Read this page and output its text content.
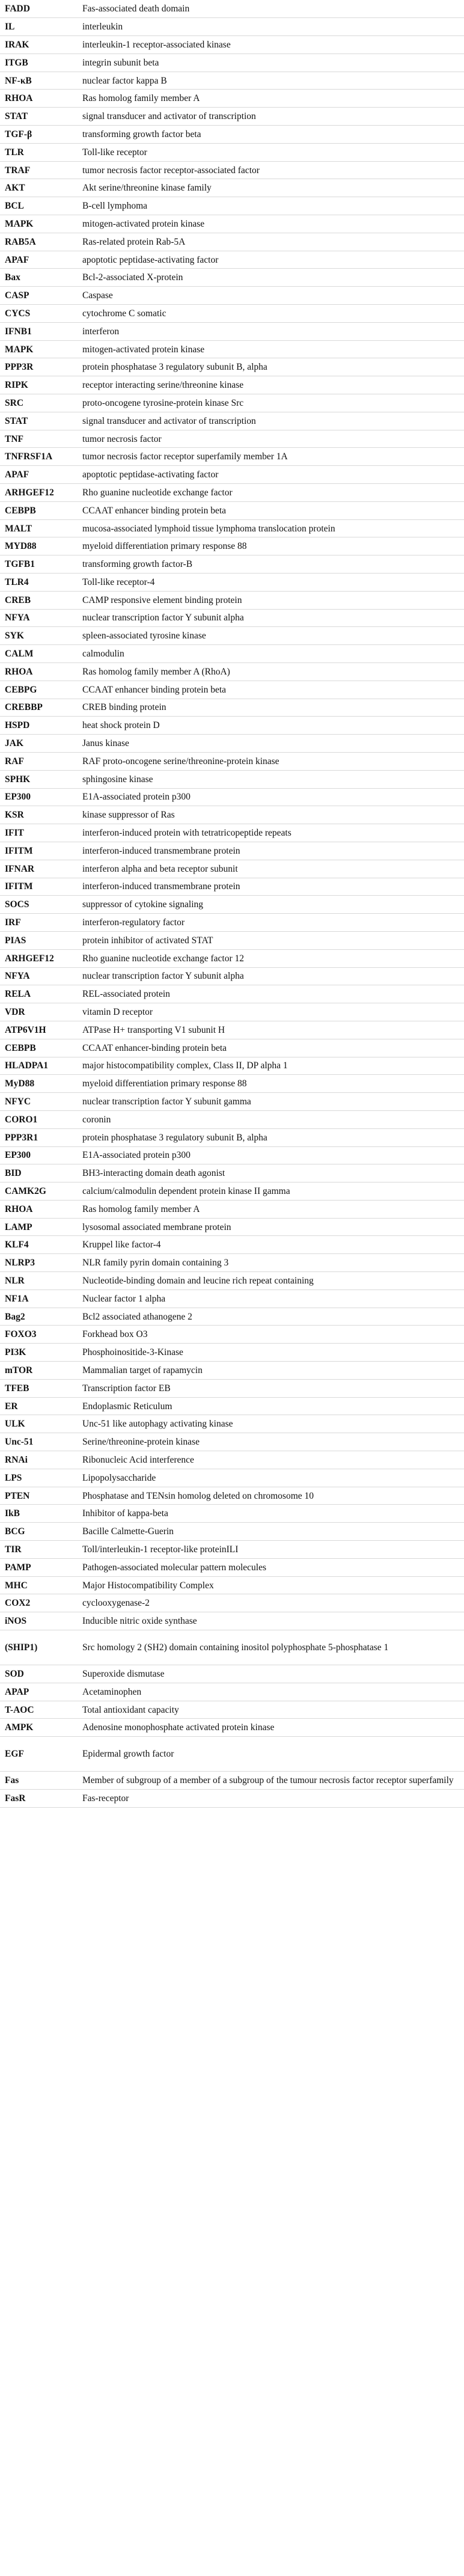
FADD	Fas-associated death domain
IL	interleukin
IRAK	interleukin-1 receptor-associated kinase
ITGB	integrin subunit beta
NF-κB	nuclear factor kappa B
RHOA	Ras homolog family member A
STAT	signal transducer and activator of transcription
TGF-β	transforming growth factor beta
TLR	Toll-like receptor
TRAF	tumor necrosis factor receptor-associated factor
AKT	Akt serine/threonine kinase family
BCL	B-cell lymphoma
MAPK	mitogen-activated protein kinase
RAB5A	Ras-related protein Rab-5A
APAF	apoptotic peptidase-activating factor
Bax	Bcl-2-associated X-protein
CASP	Caspase
CYCS	cytochrome C somatic
IFNB1	interferon
MAPK	mitogen-activated protein kinase
PPP3R	protein phosphatase 3 regulatory subunit B, alpha
RIPK	receptor interacting serine/threonine kinase
SRC	proto-oncogene tyrosine-protein kinase Src
STAT	signal transducer and activator of transcription
TNF	tumor necrosis factor
TNFRSF1A	tumor necrosis factor receptor superfamily member 1A
APAF	apoptotic peptidase-activating factor
ARHGEF12	Rho guanine nucleotide exchange factor
CEBPB	CCAAT enhancer binding protein beta
MALT	mucosa-associated lymphoid tissue lymphoma translocation protein
MYD88	myeloid differentiation primary response 88
TGFB1	transforming growth factor-B
TLR4	Toll-like receptor-4
CREB	CAMP responsive element binding protein
NFYA	nuclear transcription factor Y subunit alpha
SYK	spleen-associated tyrosine kinase
CALM	calmodulin
RHOA	Ras homolog family member A (RhoA)
CEBPG	CCAAT enhancer binding protein beta
CREBBP	CREB binding protein
HSPD	heat shock protein D
JAK	Janus kinase
RAF	RAF proto-oncogene serine/threonine-protein kinase
SPHK	sphingosine kinase
EP300	E1A-associated protein p300
KSR	kinase suppressor of Ras
IFIT	interferon-induced protein with tetratricopeptide repeats
IFITM	interferon-induced transmembrane protein
IFNAR	interferon alpha and beta receptor subunit
IFITM	interferon-induced transmembrane protein
SOCS	suppressor of cytokine signaling
IRF	interferon-regulatory factor
PIAS	protein inhibitor of activated STAT
ARHGEF12	Rho guanine nucleotide exchange factor 12
NFYA	nuclear transcription factor Y subunit alpha
RELA	REL-associated protein
VDR	vitamin D receptor
ATP6V1H	ATPase H+ transporting V1 subunit H
CEBPB	CCAAT enhancer-binding protein beta
HLADPA1	major histocompatibility complex, Class II, DP alpha 1
MyD88	myeloid differentiation primary response 88
NFYC	nuclear transcription factor Y subunit gamma
CORO1	coronin
PPP3R1	protein phosphatase 3 regulatory subunit B, alpha
EP300	E1A-associated protein p300
BID	BH3-interacting domain death agonist
CAMK2G	calcium/calmodulin dependent protein kinase II gamma
RHOA	Ras homolog family member A
LAMP	lysosomal associated membrane protein
KLF4	Kruppel like factor-4
NLRP3	NLR family pyrin domain containing 3
NLR	Nucleotide-binding domain and leucine rich repeat containing
NF1A	Nuclear factor 1 alpha
Bag2	Bcl2 associated athanogene 2
FOXO3	Forkhead box O3
PI3K	Phosphoinositide-3-Kinase
mTOR	Mammalian target of rapamycin
TFEB	Transcription factor EB
ER	Endoplasmic Reticulum
ULK	Unc-51 like autophagy activating kinase
Unc-51	Serine/threonine-protein kinase
RNAi	Ribonucleic Acid interference
LPS	Lipopolysaccharide
PTEN	Phosphatase and TENsin homolog deleted on chromosome 10
IkB	Inhibitor of kappa-beta
BCG	Bacille Calmette-Guerin
TIR	Toll/interleukin-1 receptor-like proteinILI
PAMP	Pathogen-associated molecular pattern molecules
MHC	Major Histocompatibility Complex
COX2	cyclooxygenase-2
iNOS	Inducible nitric oxide synthase
(SHIP1)	Src homology 2 (SH2) domain containing inositol polyphosphate 5-phosphatase 1
SOD	Superoxide dismutase
APAP	Acetaminophen
T-AOC	Total antioxidant capacity
AMPK	Adenosine monophosphate activated protein kinase
EGF	Epidermal growth factor
Fas	Member of subgroup of a member of a subgroup of the tumour necrosis factor receptor superfamily
FasR	Fas-receptor
